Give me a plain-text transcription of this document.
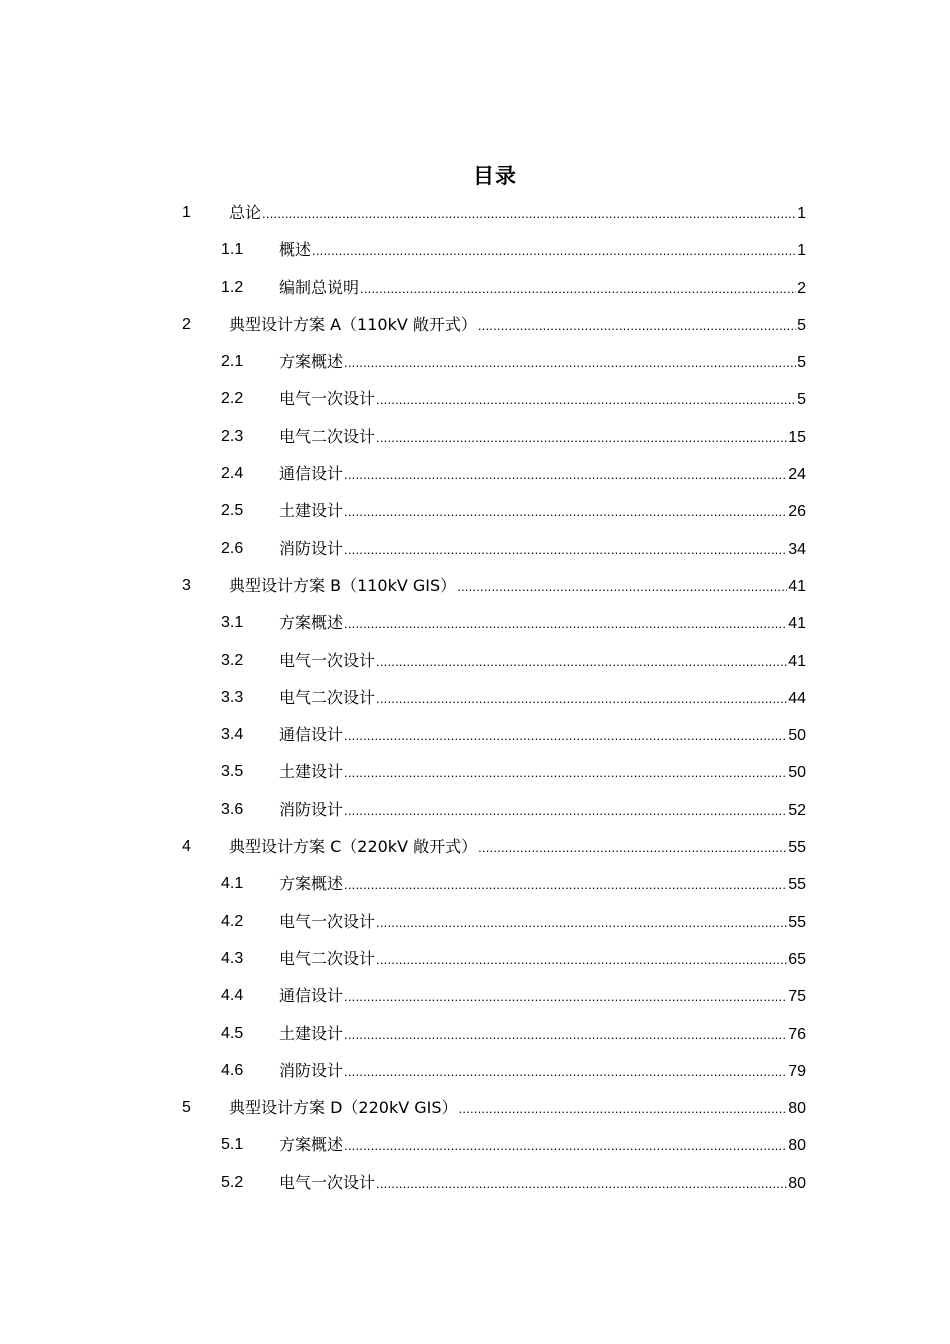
目录
1 总论 .....	1
1.1 概述 .....	1
1.2 编制总说明 .....	2
2 典型设计方案 A（110kV 敞开式） .....	5
2.1 方案概述 .....	5
2.2 电气一次设计 .....	5
2.3 电气二次设计 .....	15
2.4 通信设计 .....	24
2.5 土建设计 .....	26
2.6 消防设计 .....	34
3 典型设计方案 B（110kV GIS） .....	41
3.1 方案概述 .....	41
3.2 电气一次设计 .....	41
3.3 电气二次设计 .....	44
3.4 通信设计 .....	50
3.5 土建设计 .....	50
3.6 消防设计 .....	52
4 典型设计方案 C（220kV 敞开式） .....	55
4.1 方案概述 .....	55
4.2 电气一次设计 .....	55
4.3 电气二次设计 .....	65
4.4 通信设计 .....	75
4.5 土建设计 .....	76
4.6 消防设计 .....	79
5 典型设计方案 D（220kV GIS） .....	80
5.1 方案概述 .....	80
5.2 电气一次设计 .....	80
